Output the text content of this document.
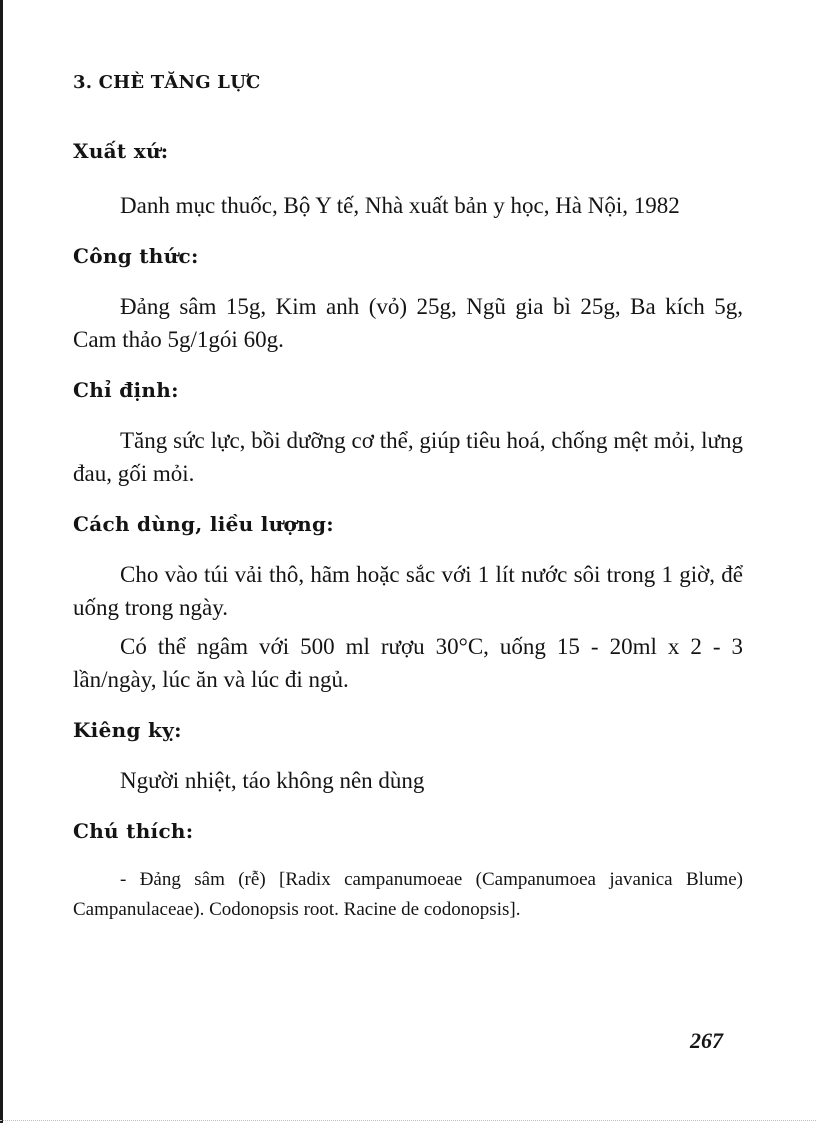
3. CHÈ TĂNG LỰC
Xuất xứ:

Danh mục thuốc, Bộ Y tế, Nhà xuất bản y học, Hà Nội, 1982

Công thức:

Đảng sâm 15g, Kim anh (vỏ) 25g, Ngũ gia bì 25g, Ba kích 5g, Cam thảo 5g/1gói 60g.

Chỉ định:

Tăng sức lực, bồi dưỡng cơ thể, giúp tiêu hoá, chống mệt mỏi, lưng đau, gối mỏi.

Cách dùng, liều lượng:

Cho vào túi vải thô, hãm hoặc sắc với 1 lít nước sôi trong 1 giờ, để uống trong ngày.

Có thể ngâm với 500 ml rượu 30°C, uống 15 - 20ml x 2 - 3 lần/ngày, lúc ăn và lúc đi ngủ.

Kiêng kỵ:

Người nhiệt, táo không nên dùng

Chú thích:

- Đảng sâm (rễ) [Radix campanumoeae (Campanumoea javanica Blume) Campanulaceae). Codonopsis root. Racine de codonopsis].

267
